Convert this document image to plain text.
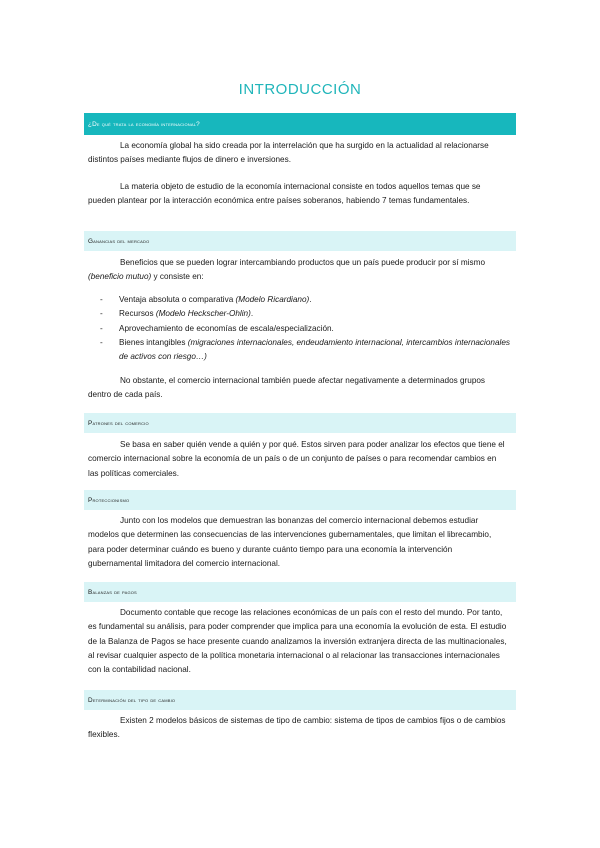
INTRODUCCIÓN
¿De qué trata la economía internacional?

La economía global ha sido creada por la interrelación que ha surgido en la actualidad al relacionarse distintos países mediante flujos de dinero e inversiones.

La materia objeto de estudio de la economía internacional consiste en todos aquellos temas que se pueden plantear por la interacción económica entre países soberanos, habiendo 7 temas fundamentales.

Ganancias del mercado

Beneficios que se pueden lograr intercambiando productos que un país puede producir por sí mismo (beneficio mutuo) y consiste en:

- Ventaja absoluta o comparativa (Modelo Ricardiano).
- Recursos (Modelo Heckscher-Ohlin).
- Aprovechamiento de economías de escala/especialización.
- Bienes intangibles (migraciones internacionales, endeudamiento internacional, intercambios internacionales de activos con riesgo…)

No obstante, el comercio internacional también puede afectar negativamente a determinados grupos dentro de cada país.

Patrones del comercio

Se basa en saber quién vende a quién y por qué. Estos sirven para poder analizar los efectos que tiene el comercio internacional sobre la economía de un país o de un conjunto de países o para recomendar cambios en las políticas comerciales.

Proteccionismo

Junto con los modelos que demuestran las bonanzas del comercio internacional debemos estudiar modelos que determinen las consecuencias de las intervenciones gubernamentales, que limitan el librecambio, para poder determinar cuándo es bueno y durante cuánto tiempo para una economía la intervención gubernamental limitadora del comercio internacional.

Balanzas de pagos

Documento contable que recoge las relaciones económicas de un país con el resto del mundo. Por tanto, es fundamental su análisis, para poder comprender que implica para una economía la evolución de esta. El estudio de la Balanza de Pagos se hace presente cuando analizamos la inversión extranjera directa de las multinacionales, al revisar cualquier aspecto de la política monetaria internacional o al relacionar las transacciones internacionales con la contabilidad nacional.

Determinación del tipo de cambio

Existen 2 modelos básicos de sistemas de tipo de cambio: sistema de tipos de cambios fijos o de cambios flexibles.
